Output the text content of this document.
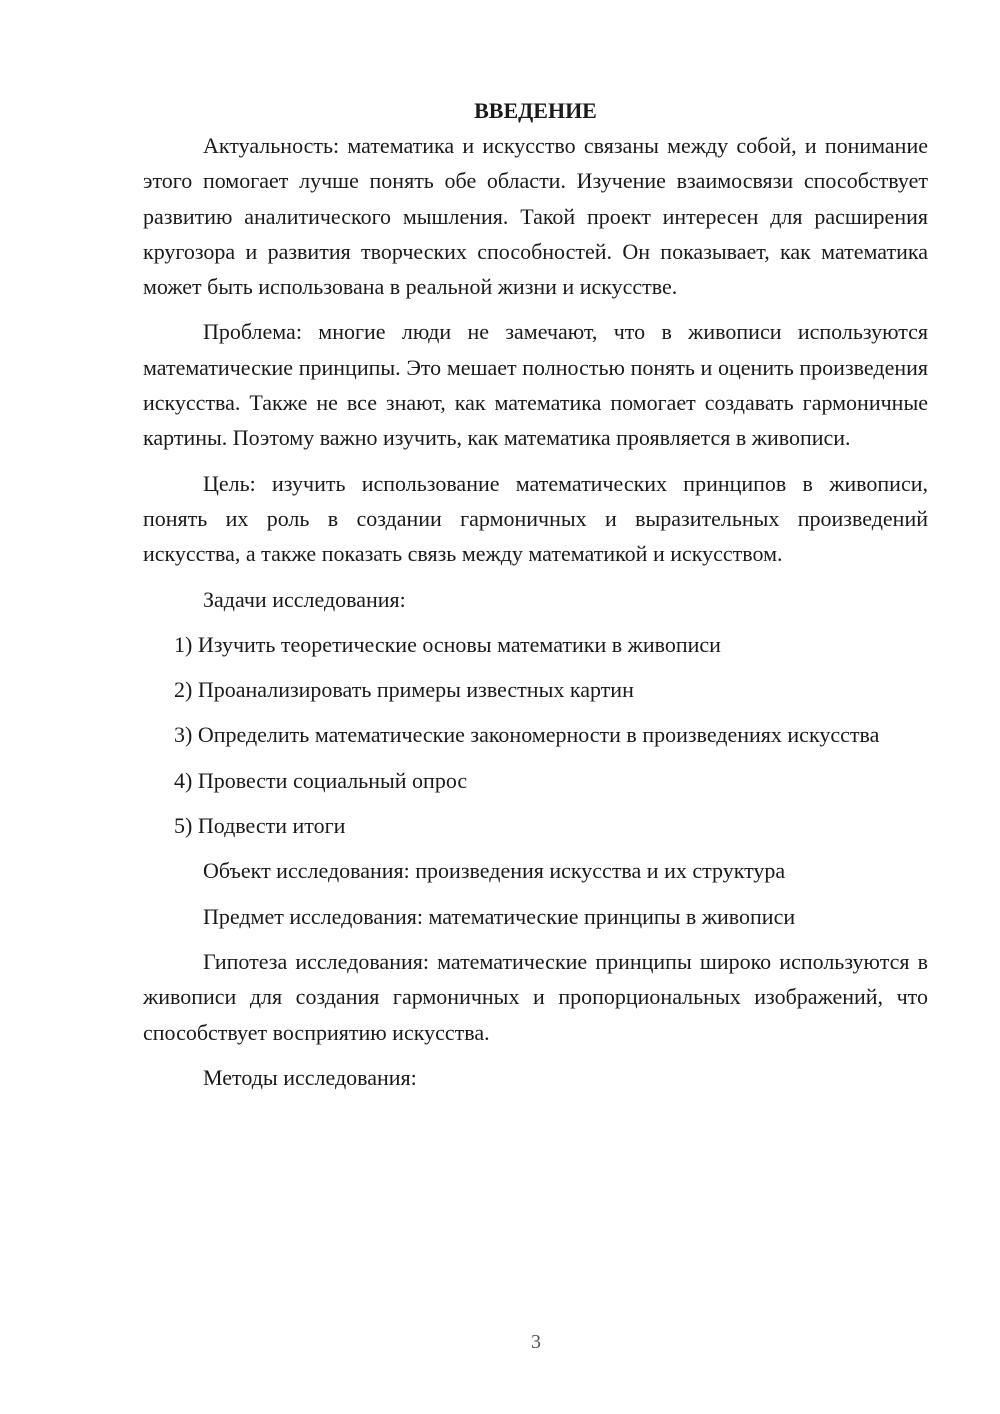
ВВЕДЕНИЕ

Актуальность: математика и искусство связаны между собой, и понимание этого помогает лучше понять обе области. Изучение взаимосвязи способствует развитию аналитического мышления. Такой проект интересен для расширения кругозора и развития творческих способностей. Он показывает, как математика может быть использована в реальной жизни и искусстве.

Проблема: многие люди не замечают, что в живописи используются математические принципы. Это мешает полностью понять и оценить произведения искусства. Также не все знают, как математика помогает создавать гармоничные картины. Поэтому важно изучить, как математика проявляется в живописи.

Цель: изучить использование математических принципов в живописи, понять их роль в создании гармоничных и выразительных произведений искусства, а также показать связь между математикой и искусством.

Задачи исследования:

1) Изучить теоретические основы математики в живописи

2) Проанализировать примеры известных картин

3) Определить математические закономерности в произведениях искусства

4) Провести социальный опрос

5) Подвести итоги

Объект исследования: произведения искусства и их структура

Предмет исследования: математические принципы в живописи

Гипотеза исследования: математические принципы широко используются в живописи для создания гармоничных и пропорциональных изображений, что способствует восприятию искусства.

Методы исследования:

3
